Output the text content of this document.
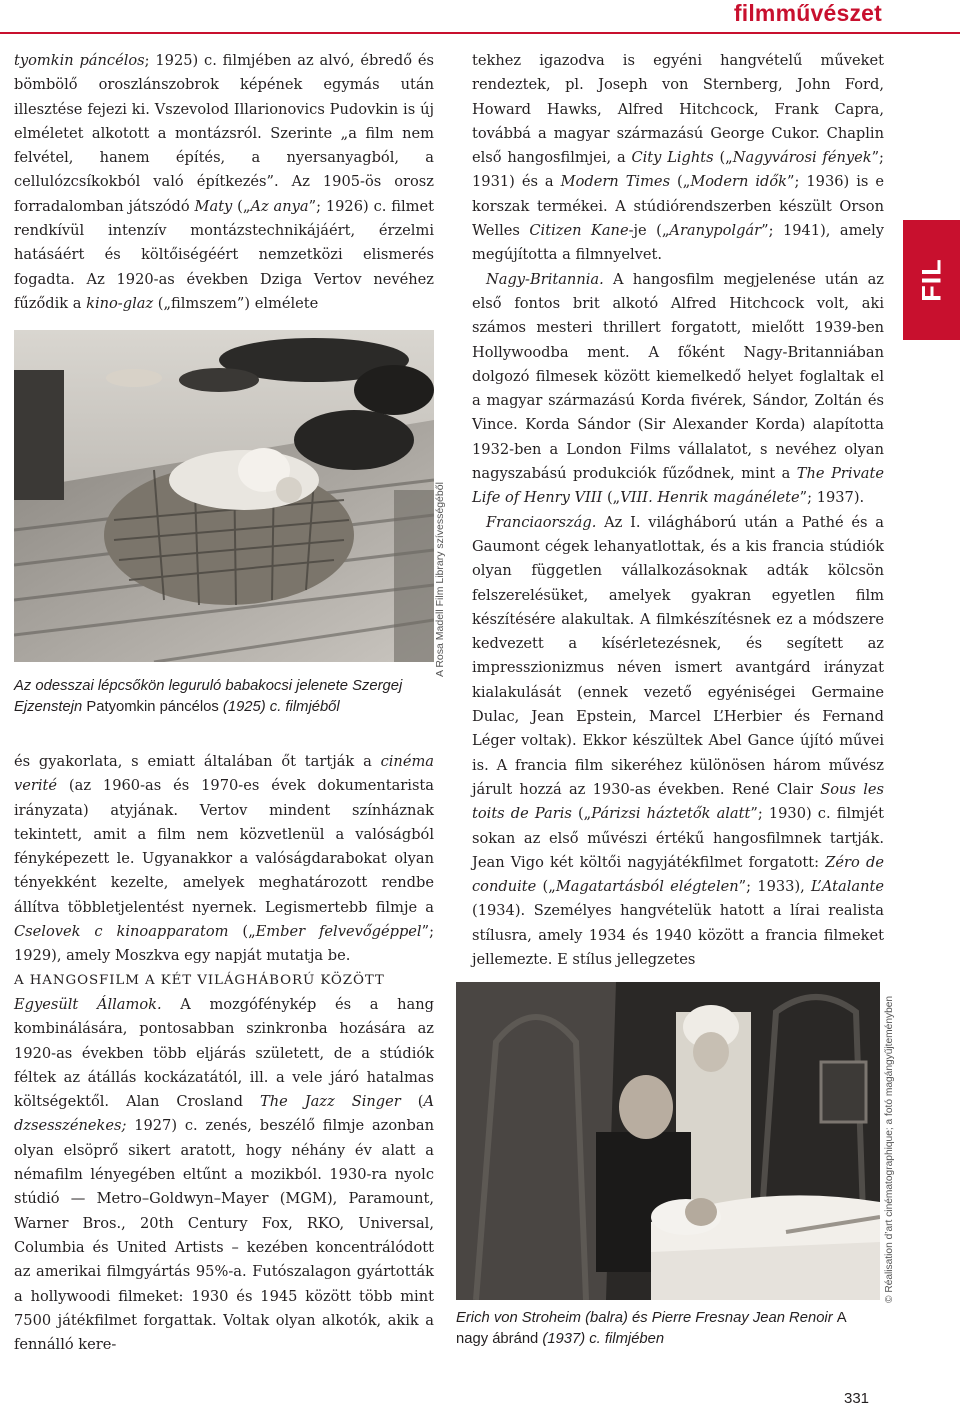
filmművészet
FIL

tyomkin páncélos; 1925) c. filmjében az alvó, ébredő és bömbölő oroszlánszobrok képének egymás után illesztése fejezi ki. Vszevolod Illarionovics Pudovkin is új elméletet alkotott a montázsról. Szerinte „a film nem felvétel, hanem építés, a nyersanyagból, a cellulózcsíkokból való építkezés”. Az 1905-ös orosz forradalomban játszódó Maty („Az anya”; 1926) c. filmet rendkívül intenzív montázstechnikájáért, érzelmi hatásáért és költőiségéért nemzetközi elismerés fogadta. Az 1920-as években Dziga Vertov nevéhez fűződik a kino-glaz („filmszem”) elmélete

A Rosa Madell Film Library szívességéből

Az odesszai lépcsőkön leguruló babakocsi jelenete Szergej Ejzenstejn Patyomkin páncélos (1925) c. filmjéből

és gyakorlata, s emiatt általában őt tartják a cinéma verité (az 1960-as és 1970-es évek dokumentarista irányzata) atyjának. Vertov mindent színháznak tekintett, amit a film nem közvetlenül a valóságból fényképezett le. Ugyanakkor a valóságdarabokat olyan tényekként kezelte, amelyek meghatározott rendbe állítva többletjelentést nyernek. Legismertebb filmje a Cselovek c kinoapparatom („Ember felvevőgéppel”; 1929), amely Moszkva egy napját mutatja be.

A HANGOSFILM A KÉT VILÁGHÁBORÚ KÖZÖTT

Egyesült Államok. A mozgófénykép és a hang kombinálására, pontosabban szinkronba hozására az 1920-as években több eljárás született, de a stúdiók féltek az átállás kockázatától, ill. a vele járó hatalmas költségektől. Alan Crosland The Jazz Singer (A dzsesszénekes; 1927) c. zenés, beszélő filmje azonban olyan elsöprő sikert aratott, hogy néhány év alatt a némafilm lényegében eltűnt a mozikból. 1930-ra nyolc stúdió — Metro–Goldwyn–Mayer (MGM), Paramount, Warner Bros., 20th Century Fox, RKO, Universal, Columbia és United Artists – kezében koncentrálódott az amerikai filmgyártás 95%-a. Futószalagon gyártották a hollywoodi filmeket: 1930 és 1945 között több mint 7500 játékfilmet forgattak. Voltak olyan alkotók, akik a fennálló kere-

tekhez igazodva is egyéni hangvételű műveket rendeztek, pl. Joseph von Sternberg, John Ford, Howard Hawks, Alfred Hitchcock, Frank Capra, továbbá a magyar származású George Cukor. Chaplin első hangosfilmjei, a City Lights („Nagyvárosi fények”; 1931) és a Modern Times („Modern idők”; 1936) is e korszak termékei. A stúdiórendszerben készült Orson Welles Citizen Kane-je („Aranypolgár”; 1941), amely megújította a filmnyelvet.

Nagy-Britannia. A hangosfilm megjelenése után az első fontos brit alkotó Alfred Hitchcock volt, aki számos mesteri thrillert forgatott, mielőtt 1939-ben Hollywoodba ment. A főként Nagy-Britanniában dolgozó filmesek között kiemelkedő helyet foglaltak el a magyar származású Korda fivérek, Sándor, Zoltán és Vince. Korda Sándor (Sir Alexander Korda) alapította 1932-ben a London Films vállalatot, s nevéhez olyan nagyszabású produkciók fűződnek, mint a The Private Life of Henry VIII („VIII. Henrik magánélete”; 1937).

Franciaország. Az I. világháború után a Pathé és a Gaumont cégek lehanyatlottak, és a kis francia stúdiók olyan független vállalkozásoknak adták kölcsön felszerelésüket, amelyek gyakran egyetlen film készítésére alakultak. A filmkészítésnek ez a módszere kedvezett a kísérletezésnek, és segített az impresszionizmus néven ismert avantgárd irányzat kialakulását (ennek vezető egyéniségei Germaine Dulac, Jean Epstein, Marcel L’Herbier és Fernand Léger voltak). Ekkor készültek Abel Gance újító művei is. A francia film sikeréhez különösen három művész járult hozzá az 1930-as években. René Clair Sous les toits de Paris („Párizsi háztetők alatt”; 1930) c. filmjét sokan az első művészi értékű hangosfilmnek tartják. Jean Vigo két költői nagyjátékfilmet forgatott: Zéro de conduite („Magatartásból elégtelen”; 1933), L’Atalante (1934). Személyes hangvételük hatott a lírai realista stílusra, amely 1934 és 1940 között a francia filmeket jellemezte. E stílus jellegzetes

© Réalisation d’art cinématographique; a fotó magángyűjteményben

Erich von Stroheim (balra) és Pierre Fresnay Jean Renoir A nagy ábránd (1937) c. filmjében

331
